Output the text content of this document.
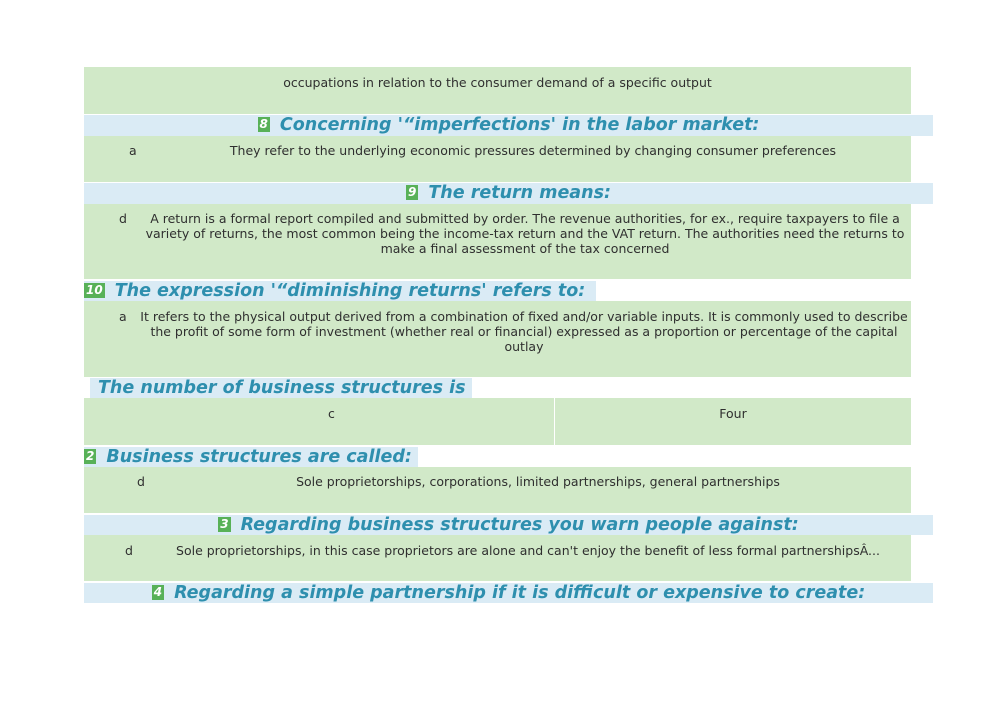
occupations in relation to the consumer demand of a specific output
8 Concerning '“imperfections' in the labor market:
a	They refer to the underlying economic pressures determined by changing consumer preferences
9 The return means:
d	A return is a formal report compiled and submitted by order. The revenue authorities, for ex., require taxpayers to file a variety of returns, the most common being the income-tax return and the VAT return. The authorities need the returns to make a final assessment of the tax concerned
10 The expression '“diminishing returns' refers to:
a It refers to the physical output derived from a combination of fixed and/or variable inputs. It is commonly used to describe the profit of some form of investment (whether real or financial) expressed as a proportion or percentage of the capital outlay
The number of business structures is
c	Four
2 Business structures are called:
d	Sole proprietorships, corporations, limited partnerships, general partnerships
3 Regarding business structures you warn people against:
d	Sole proprietorships, in this case proprietors are alone and can't enjoy the benefit of less formal partnershipsÂ...
4 Regarding a simple partnership if it is difficult or expensive to create:
